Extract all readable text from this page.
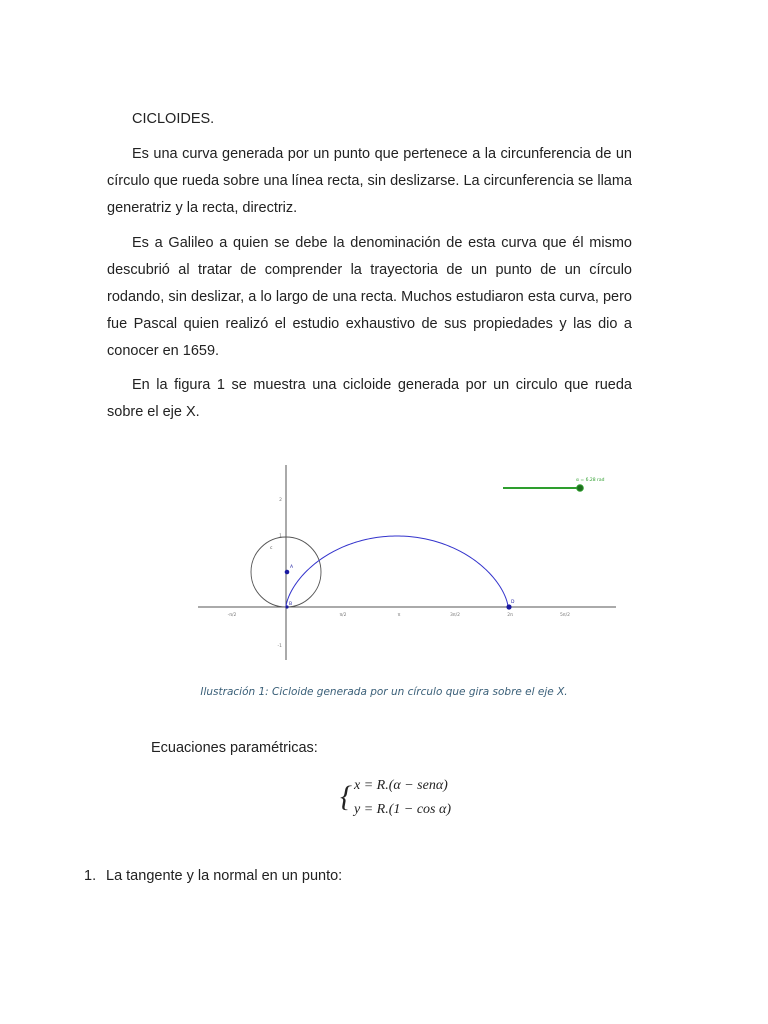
CICLOIDES.

Es una curva generada por un punto que pertenece a la circunferencia de un círculo que rueda sobre una línea recta, sin deslizarse. La circunferencia se llama generatriz y la recta, directriz.

Es a Galileo a quien se debe la denominación de esta curva que él mismo descubrió al tratar de comprender la trayectoria de un punto de un círculo rodando, sin deslizar, a lo largo de una recta. Muchos estudiaron esta curva, pero fue Pascal quien realizó el estudio exhaustivo de sus propiedades y las dio a conocer en 1659.

En la figura 1 se muestra una cicloide generada por un circulo que rueda sobre el eje X.

-π/2	π/2	π	3π/2	2π	5π/2
2
1
-1
c
A
B	D
α = 6.28 rad
Ilustración 1: Cicloide generada por un círculo que gira sobre el eje X.

Ecuaciones paramétricas:

{ x = R.(α − senα)
y = R.(1 − cos α)

1. La tangente y la normal en un punto:
